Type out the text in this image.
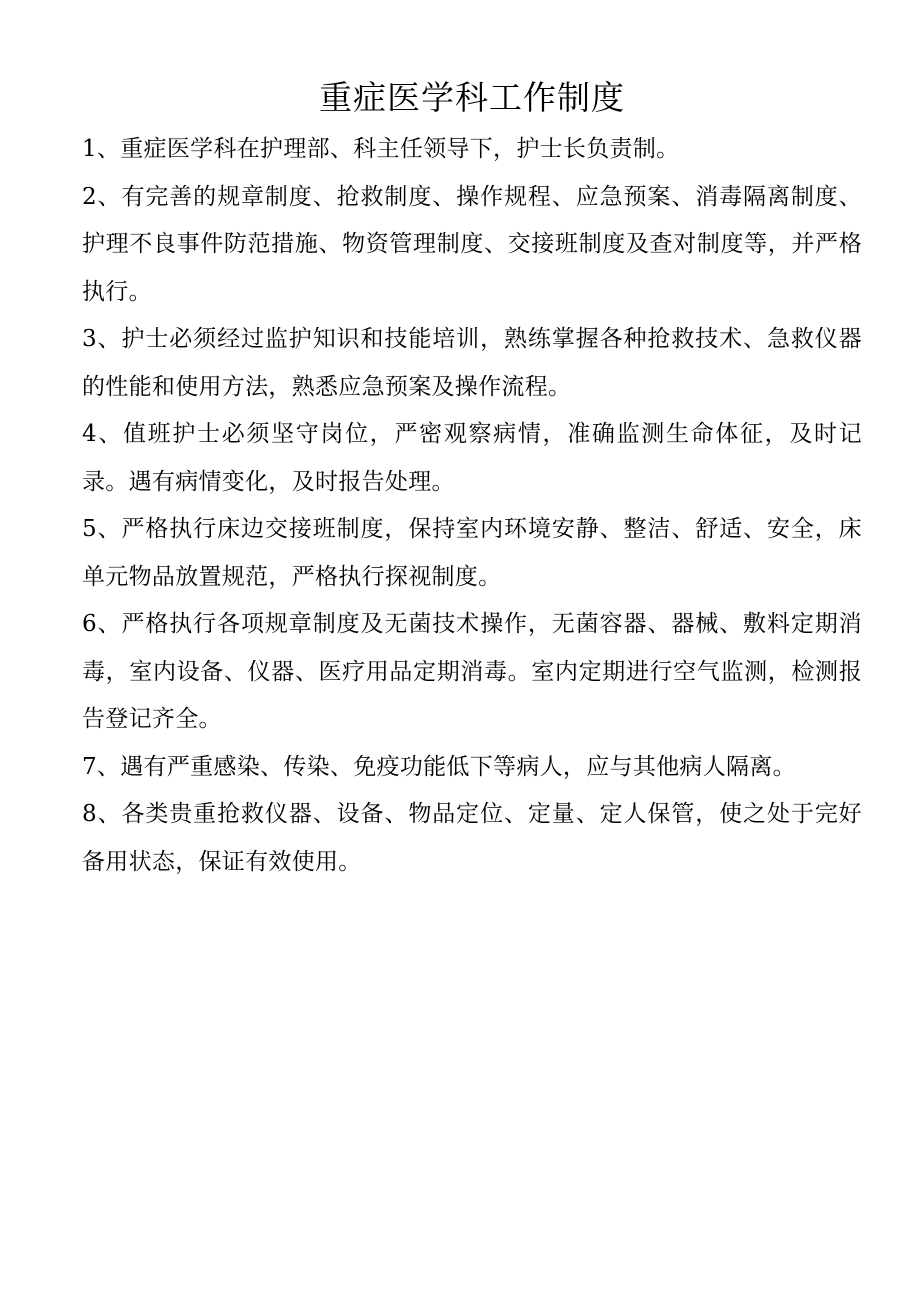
重症医学科工作制度

1、重症医学科在护理部、科主任领导下，护士长负责制。

2、有完善的规章制度、抢救制度、操作规程、应急预案、消毒隔离制度、护理不良事件防范措施、物资管理制度、交接班制度及查对制度等，并严格执行。

3、护士必须经过监护知识和技能培训，熟练掌握各种抢救技术、急救仪器的性能和使用方法，熟悉应急预案及操作流程。

4、值班护士必须坚守岗位，严密观察病情，准确监测生命体征，及时记录。遇有病情变化，及时报告处理。

5、严格执行床边交接班制度，保持室内环境安静、整洁、舒适、安全，床单元物品放置规范，严格执行探视制度。

6、严格执行各项规章制度及无菌技术操作，无菌容器、器械、敷料定期消毒，室内设备、仪器、医疗用品定期消毒。室内定期进行空气监测，检测报告登记齐全。

7、遇有严重感染、传染、免疫功能低下等病人，应与其他病人隔离。

8、各类贵重抢救仪器、设备、物品定位、定量、定人保管，使之处于完好备用状态，保证有效使用。
